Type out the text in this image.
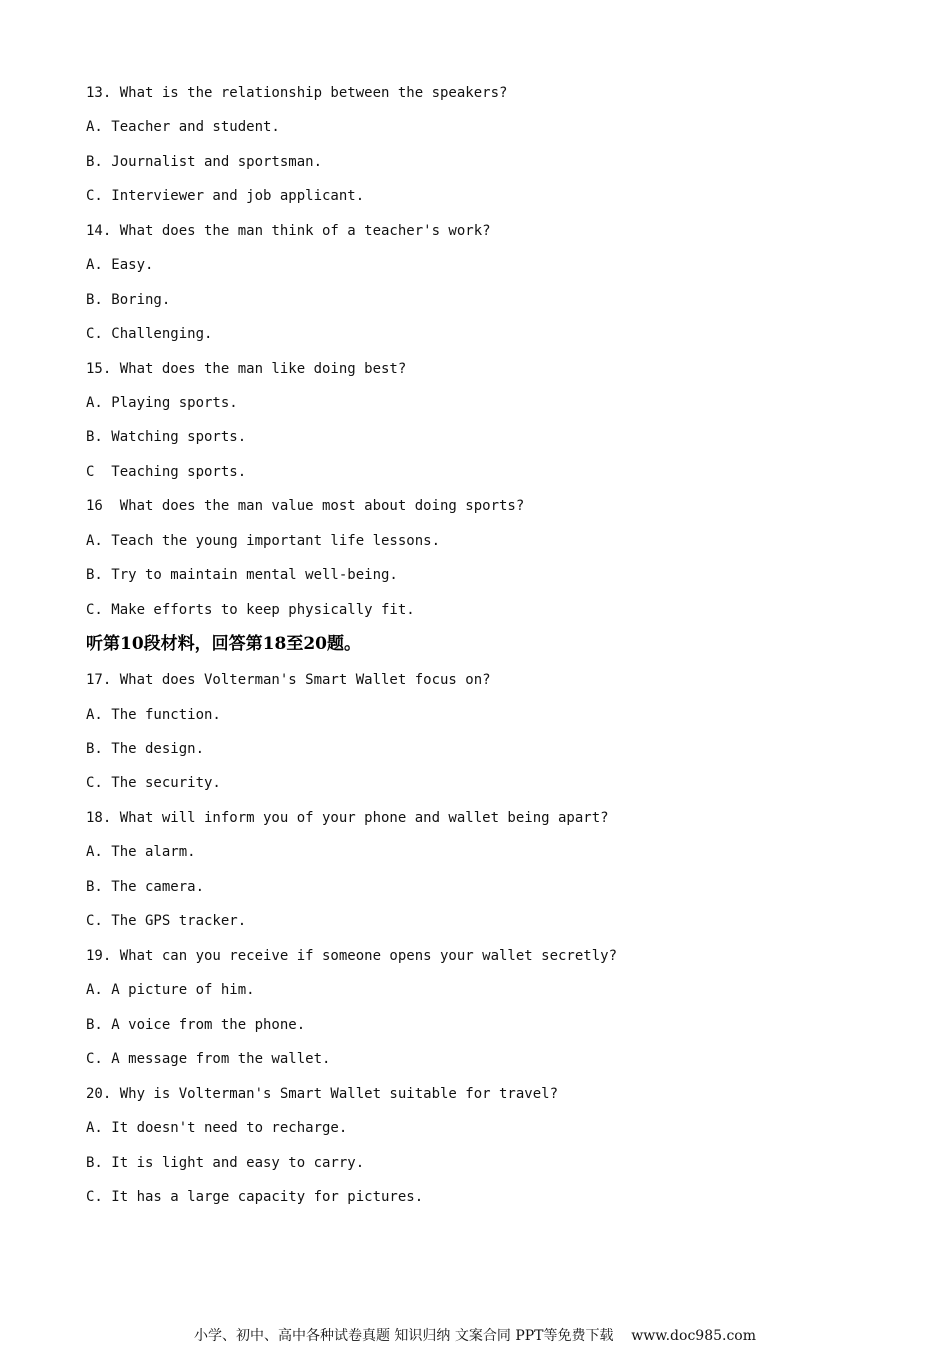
13. What is the relationship between the speakers?
A. Teacher and student.
B. Journalist and sportsman.
C. Interviewer and job applicant.
14. What does the man think of a teacher's work?
A. Easy.
B. Boring.
C. Challenging.
15. What does the man like doing best?
A. Playing sports.
B. Watching sports.
C  Teaching sports.
16  What does the man value most about doing sports?
A. Teach the young important life lessons.
B. Try to maintain mental well-being.
C. Make efforts to keep physically fit.
听第10段材料，回答第18至20题。
17. What does Volterman's Smart Wallet focus on?
A. The function.
B. The design.
C. The security.
18. What will inform you of your phone and wallet being apart?
A. The alarm.
B. The camera.
C. The GPS tracker.
19. What can you receive if someone opens your wallet secretly?
A. A picture of him.
B. A voice from the phone.
C. A message from the wallet.
20. Why is Volterman's Smart Wallet suitable for travel?
A. It doesn't need to recharge.
B. It is light and easy to carry.
C. It has a large capacity for pictures.
小学、初中、高中各种试卷真题 知识归纳 文案合同 PPT等免费下载    www.doc985.com
